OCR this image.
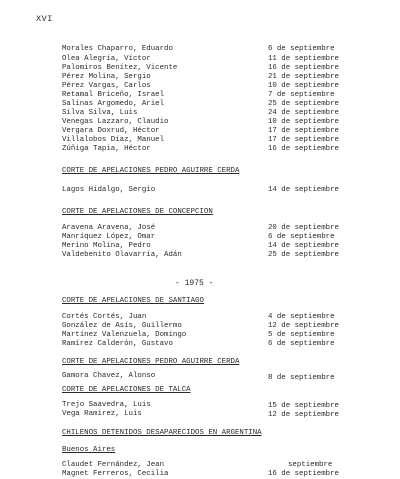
XVI
Morales Chaparro, Eduardo	6 de septiembre
Olea Alegría, Víctor	11 de septiembre
Palomiros Benítez, Vicente	16 de septiembre
Pérez Molina, Sergio	21 de septiembre
Pérez Vargas, Carlos	10 de septiembre
Retamal Briceño, Israel	7 de septiembre
Salinas Argomedo, Ariel	25 de septiembre
Silva Silva, Luis	24 de septiembre
Venegas Lazzaro, Claudio	10 de septiembre
Vergara Doxrud, Héctor	17 de septiembre
Villalobos Díaz, Manuel	17 de septiembre
Zúñiga Tapia, Héctor	16 de septiembre
CORTE DE APELACIONES PEDRO AGUIRRE CERDA
Lagos Hidalgo, Sergio	14 de septiembre
CORTE DE APELACIONES DE CONCEPCION
Aravena Aravena, José	20 de septiembre
Manríquez López, Omar	6 de septiembre
Merino Molina, Pedro	14 de septiembre
Valdebenito Olavarría, Adán	25 de septiembre
- 1975 -
CORTE DE APELACIONES DE SANTIAGO
Cortés Cortés, Juan	4 de septiembre
González de Asís, Guillermo	12 de septiembre
Martínez Valenzuela, Domingo	5 de septiembre
Ramírez Calderón, Gustavo	6 de septiembre
CORTE DE APELACIONES PEDRO AGUIRRE CERDA
Gamora Chavez, Alonso	8 de septiembre
CORTE DE APELACIONES DE TALCA
Trejo Saavedra, Luis	15 de septiembre
Vega Ramírez, Luis	12 de septiembre
CHILENOS DETENIDOS DESAPARECIDOS EN ARGENTINA
Buenos Aires
Claudet Fernández, Jean	septiembre
Magnet Ferreros, Cecilia	16 de septiembre
